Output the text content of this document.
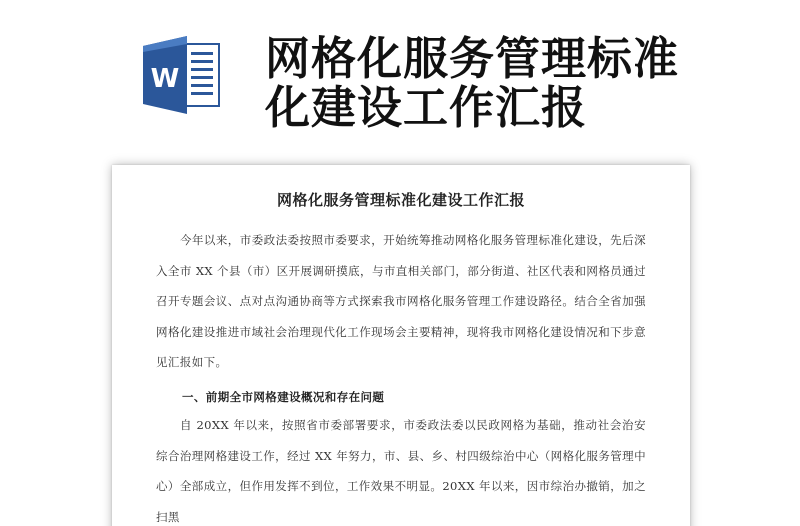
W 网格化服务管理标准
化建设工作汇报
网格化服务管理标准化建设工作汇报
今年以来，市委政法委按照市委要求，开始统筹推动网格化服务管理标准化建设，先后深入全市 XX 个县（市）区开展调研摸底，与市直相关部门，部分街道、社区代表和网格员通过召开专题会议、点对点沟通协商等方式探索我市网格化服务管理工作建设路径。结合全省加强网格化建设推进市域社会治理现代化工作现场会主要精神，现将我市网格化建设情况和下步意见汇报如下。
一、前期全市网格建设概况和存在问题
自 20XX 年以来，按照省市委部署要求，市委政法委以民政网格为基础，推动社会治安综合治理网格建设工作，经过 XX 年努力，市、县、乡、村四级综治中心（网格化服务管理中心）全部成立，但作用发挥不到位，工作效果不明显。20XX 年以来，因市综治办撤销，加之扫黑
